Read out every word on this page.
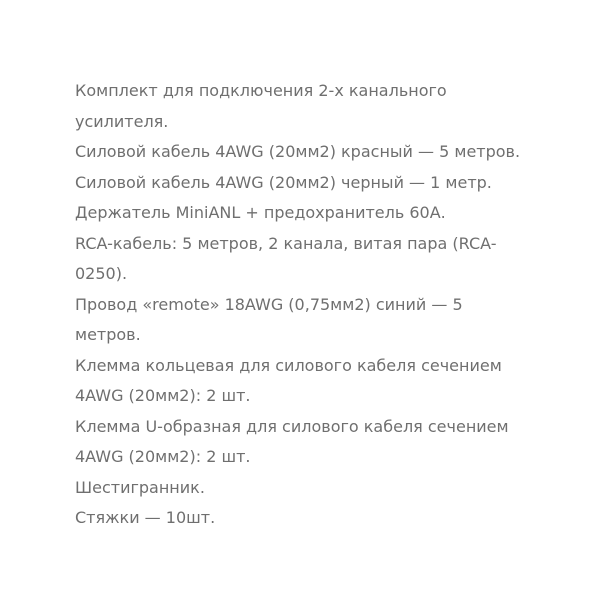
Комплект для подключения 2-х канального
усилителя.
Силовой кабель 4AWG (20мм2) красный — 5 метров.
Силовой кабель 4AWG (20мм2) черный — 1 метр.
Держатель MiniANL + предохранитель 60А.
RCA-кабель: 5 метров, 2 канала, витая пара (RCA-
0250).
Провод «remote» 18AWG (0,75мм2) синий — 5
метров.
Клемма кольцевая для силового кабеля сечением
4AWG (20мм2): 2 шт.
Клемма U-образная для силового кабеля сечением
4AWG (20мм2): 2 шт.
Шестигранник.
Стяжки — 10шт.
